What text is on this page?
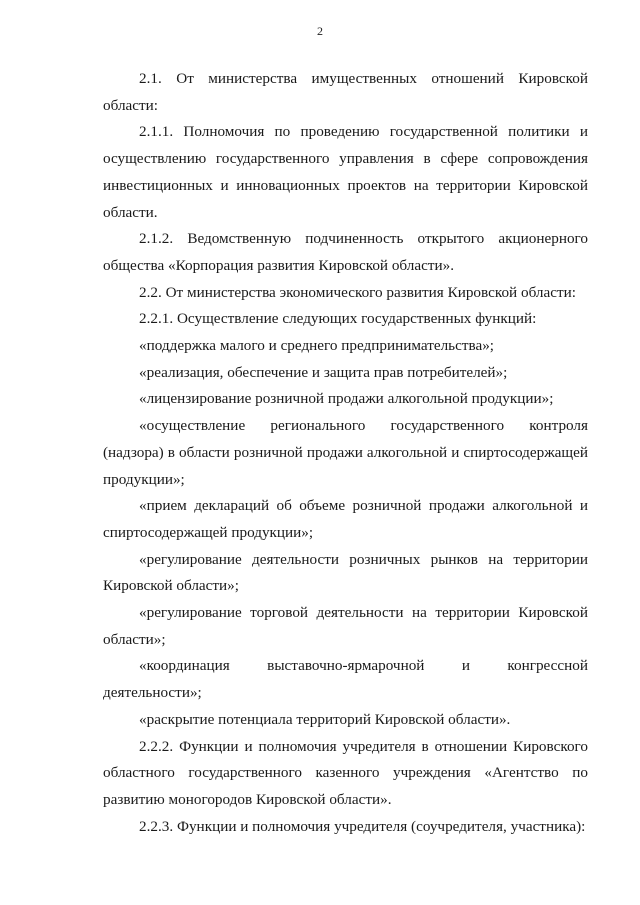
2

2.1. От министерства имущественных отношений Кировской области:

2.1.1. Полномочия по проведению государственной политики и осуществлению государственного управления в сфере сопровождения инвестиционных и инновационных проектов на территории Кировской области.

2.1.2. Ведомственную подчиненность открытого акционерного общества «Корпорация развития Кировской области».

2.2. От министерства экономического развития Кировской области:

2.2.1. Осуществление следующих государственных функций:

«поддержка малого и среднего предпринимательства»;

«реализация, обеспечение и защита прав потребителей»;

«лицензирование розничной продажи алкогольной продукции»;

«осуществление регионального государственного контроля (надзора) в области розничной продажи алкогольной и спиртосодержащей продукции»;

«прием деклараций об объеме розничной продажи алкогольной и спиртосодержащей продукции»;

«регулирование деятельности розничных рынков на территории Кировской области»;

«регулирование торговой деятельности на территории Кировской области»;

«координация выставочно-ярмарочной и конгрессной деятельности»;

«раскрытие потенциала территорий Кировской области».

2.2.2. Функции и полномочия учредителя в отношении Кировского областного государственного казенного учреждения «Агентство по развитию моногородов Кировской области».

2.2.3. Функции и полномочия учредителя (соучредителя, участника):
